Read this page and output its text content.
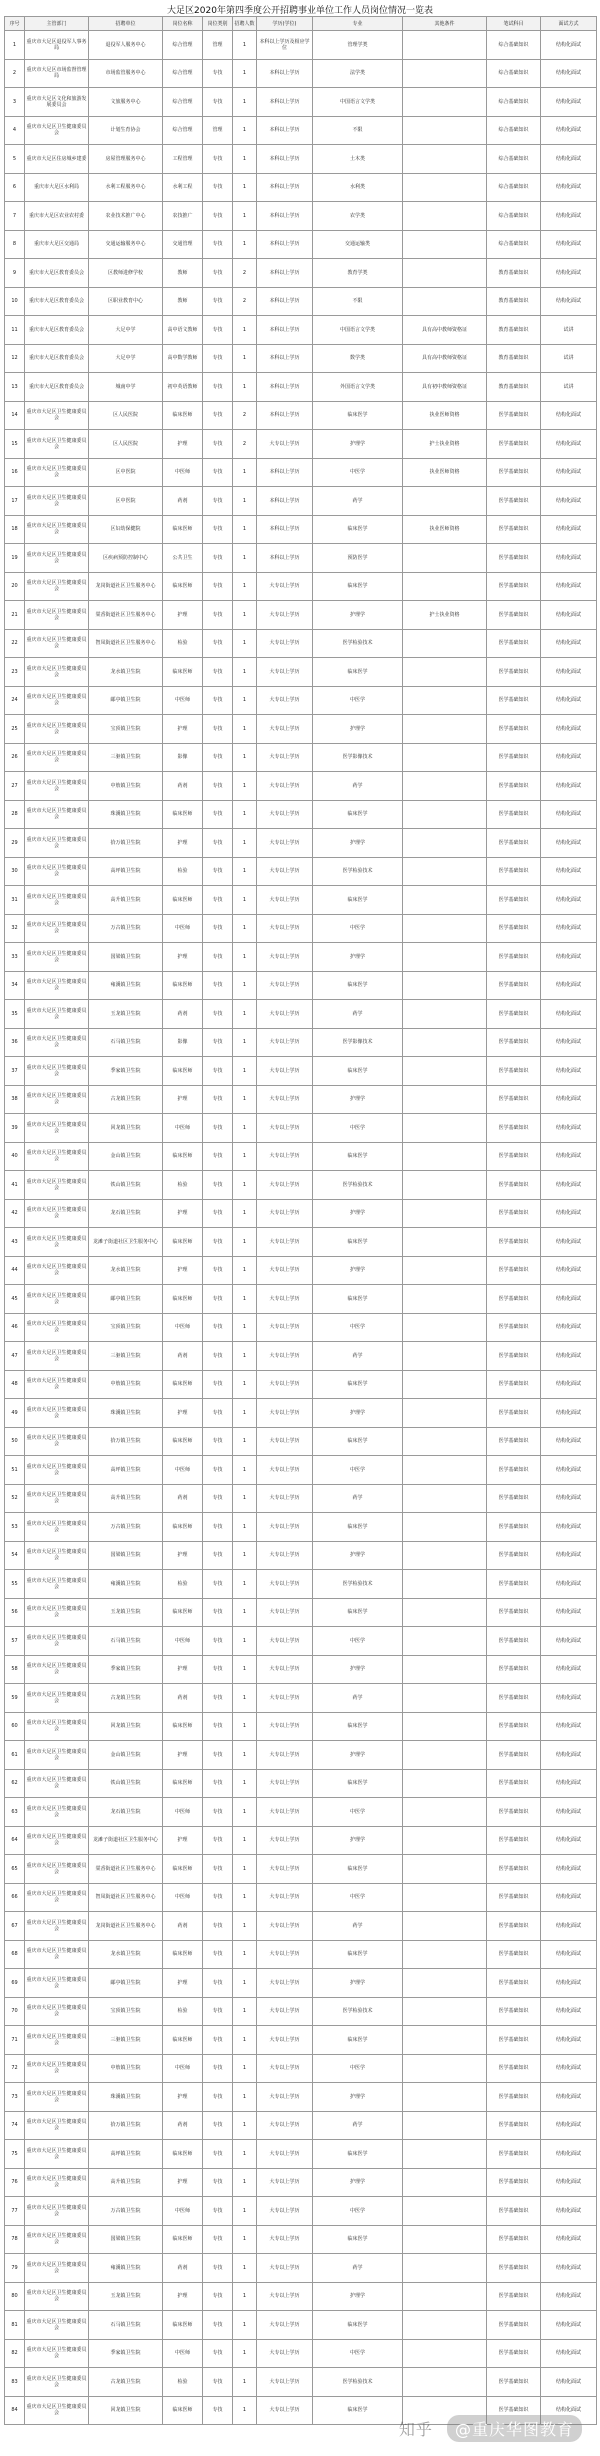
大足区2020年第四季度公开招聘事业单位工作人员岗位情况一览表
序号	主管部门	招聘单位	岗位名称	岗位类别	招聘人数	学历(学位)	专业	其他条件	笔试科目	面试方式
1	重庆市大足区退役军人事务局	退役军人服务中心	综合管理	管理	1	本科以上学历及相应学位	管理学类		综合基础知识	结构化面试
2	重庆市大足区市场监督管理局	市场监管服务中心	综合管理	专技	1	本科以上学历	法学类		综合基础知识	结构化面试
3	重庆市大足区文化和旅游发展委员会	文旅服务中心	综合管理	专技	1	本科以上学历	中国语言文学类		综合基础知识	结构化面试
4	重庆市大足区卫生健康委员会	计划生育协会	综合管理	管理	1	本科以上学历	不限		综合基础知识	结构化面试
5	重庆市大足区住房城乡建委	房屋管理服务中心	工程管理	专技	1	本科以上学历	土木类		综合基础知识	结构化面试
6	重庆市大足区水利局	水利工程服务中心	水利工程	专技	1	本科以上学历	水利类		综合基础知识	结构化面试
7	重庆市大足区农业农村委	农业技术推广中心	农技推广	专技	1	本科以上学历	农学类		综合基础知识	结构化面试
8	重庆市大足区交通局	交通运输服务中心	交通管理	专技	1	本科以上学历	交通运输类		综合基础知识	结构化面试
9	重庆市大足区教育委员会	区教师进修学校	教师	专技	2	本科以上学历	教育学类		教育基础知识	结构化面试
10	重庆市大足区教育委员会	区职业教育中心	教师	专技	2	本科以上学历	不限		教育基础知识	结构化面试
11	重庆市大足区教育委员会	大足中学	高中语文教师	专技	1	本科以上学历	中国语言文学类	具有高中教师资格证	教育基础知识	试讲
12	重庆市大足区教育委员会	大足中学	高中数学教师	专技	1	本科以上学历	数学类	具有高中教师资格证	教育基础知识	试讲
13	重庆市大足区教育委员会	城南中学	初中英语教师	专技	1	本科以上学历	外国语言文学类	具有初中教师资格证	教育基础知识	试讲
14	重庆市大足区卫生健康委员会	区人民医院	临床医师	专技	2	本科以上学历	临床医学	执业医师资格	医学基础知识	结构化面试
15	重庆市大足区卫生健康委员会	区人民医院	护理	专技	2	大专以上学历	护理学	护士执业资格	医学基础知识	结构化面试
16	重庆市大足区卫生健康委员会	区中医院	中医师	专技	1	本科以上学历	中医学	执业医师资格	医学基础知识	结构化面试
17	重庆市大足区卫生健康委员会	区中医院	药剂	专技	1	本科以上学历	药学		医学基础知识	结构化面试
18	重庆市大足区卫生健康委员会	区妇幼保健院	临床医师	专技	1	本科以上学历	临床医学	执业医师资格	医学基础知识	结构化面试
19	重庆市大足区卫生健康委员会	区疾病预防控制中心	公共卫生	专技	1	本科以上学历	预防医学		医学基础知识	结构化面试
20	重庆市大足区卫生健康委员会	龙岗街道社区卫生服务中心	临床医师	专技	1	大专以上学历	临床医学		医学基础知识	结构化面试
21	重庆市大足区卫生健康委员会	棠香街道社区卫生服务中心	护理	专技	1	大专以上学历	护理学	护士执业资格	医学基础知识	结构化面试
22	重庆市大足区卫生健康委员会	智凤街道社区卫生服务中心	检验	专技	1	大专以上学历	医学检验技术		医学基础知识	结构化面试
23	重庆市大足区卫生健康委员会	龙水镇卫生院	临床医师	专技	1	大专以上学历	临床医学		医学基础知识	结构化面试
24	重庆市大足区卫生健康委员会	邮亭镇卫生院	中医师	专技	1	大专以上学历	中医学		医学基础知识	结构化面试
25	重庆市大足区卫生健康委员会	宝顶镇卫生院	护理	专技	1	大专以上学历	护理学		医学基础知识	结构化面试
26	重庆市大足区卫生健康委员会	三驱镇卫生院	影像	专技	1	大专以上学历	医学影像技术		医学基础知识	结构化面试
27	重庆市大足区卫生健康委员会	中敖镇卫生院	药剂	专技	1	大专以上学历	药学		医学基础知识	结构化面试
28	重庆市大足区卫生健康委员会	珠溪镇卫生院	临床医师	专技	1	大专以上学历	临床医学		医学基础知识	结构化面试
29	重庆市大足区卫生健康委员会	拾万镇卫生院	护理	专技	1	大专以上学历	护理学		医学基础知识	结构化面试
30	重庆市大足区卫生健康委员会	高坪镇卫生院	检验	专技	1	大专以上学历	医学检验技术		医学基础知识	结构化面试
31	重庆市大足区卫生健康委员会	高升镇卫生院	临床医师	专技	1	大专以上学历	临床医学		医学基础知识	结构化面试
32	重庆市大足区卫生健康委员会	万古镇卫生院	中医师	专技	1	大专以上学历	中医学		医学基础知识	结构化面试
33	重庆市大足区卫生健康委员会	国梁镇卫生院	护理	专技	1	大专以上学历	护理学		医学基础知识	结构化面试
34	重庆市大足区卫生健康委员会	雍溪镇卫生院	临床医师	专技	1	大专以上学历	临床医学		医学基础知识	结构化面试
35	重庆市大足区卫生健康委员会	玉龙镇卫生院	药剂	专技	1	大专以上学历	药学		医学基础知识	结构化面试
36	重庆市大足区卫生健康委员会	石马镇卫生院	影像	专技	1	大专以上学历	医学影像技术		医学基础知识	结构化面试
37	重庆市大足区卫生健康委员会	季家镇卫生院	临床医师	专技	1	大专以上学历	临床医学		医学基础知识	结构化面试
38	重庆市大足区卫生健康委员会	古龙镇卫生院	护理	专技	1	大专以上学历	护理学		医学基础知识	结构化面试
39	重庆市大足区卫生健康委员会	回龙镇卫生院	中医师	专技	1	大专以上学历	中医学		医学基础知识	结构化面试
40	重庆市大足区卫生健康委员会	金山镇卫生院	临床医师	专技	1	大专以上学历	临床医学		医学基础知识	结构化面试
41	重庆市大足区卫生健康委员会	铁山镇卫生院	检验	专技	1	大专以上学历	医学检验技术		医学基础知识	结构化面试
42	重庆市大足区卫生健康委员会	龙石镇卫生院	护理	专技	1	大专以上学历	护理学		医学基础知识	结构化面试
43	重庆市大足区卫生健康委员会	龙滩子街道社区卫生服务中心	临床医师	专技	1	大专以上学历	临床医学		医学基础知识	结构化面试
44	重庆市大足区卫生健康委员会	龙水镇卫生院	护理	专技	1	大专以上学历	护理学		医学基础知识	结构化面试
45	重庆市大足区卫生健康委员会	邮亭镇卫生院	临床医师	专技	1	大专以上学历	临床医学		医学基础知识	结构化面试
46	重庆市大足区卫生健康委员会	宝顶镇卫生院	中医师	专技	1	大专以上学历	中医学		医学基础知识	结构化面试
47	重庆市大足区卫生健康委员会	三驱镇卫生院	药剂	专技	1	大专以上学历	药学		医学基础知识	结构化面试
48	重庆市大足区卫生健康委员会	中敖镇卫生院	临床医师	专技	1	大专以上学历	临床医学		医学基础知识	结构化面试
49	重庆市大足区卫生健康委员会	珠溪镇卫生院	护理	专技	1	大专以上学历	护理学		医学基础知识	结构化面试
50	重庆市大足区卫生健康委员会	拾万镇卫生院	临床医师	专技	1	大专以上学历	临床医学		医学基础知识	结构化面试
51	重庆市大足区卫生健康委员会	高坪镇卫生院	中医师	专技	1	大专以上学历	中医学		医学基础知识	结构化面试
52	重庆市大足区卫生健康委员会	高升镇卫生院	药剂	专技	1	大专以上学历	药学		医学基础知识	结构化面试
53	重庆市大足区卫生健康委员会	万古镇卫生院	临床医师	专技	1	大专以上学历	临床医学		医学基础知识	结构化面试
54	重庆市大足区卫生健康委员会	国梁镇卫生院	护理	专技	1	大专以上学历	护理学		医学基础知识	结构化面试
55	重庆市大足区卫生健康委员会	雍溪镇卫生院	检验	专技	1	大专以上学历	医学检验技术		医学基础知识	结构化面试
56	重庆市大足区卫生健康委员会	玉龙镇卫生院	临床医师	专技	1	大专以上学历	临床医学		医学基础知识	结构化面试
57	重庆市大足区卫生健康委员会	石马镇卫生院	中医师	专技	1	大专以上学历	中医学		医学基础知识	结构化面试
58	重庆市大足区卫生健康委员会	季家镇卫生院	护理	专技	1	大专以上学历	护理学		医学基础知识	结构化面试
59	重庆市大足区卫生健康委员会	古龙镇卫生院	药剂	专技	1	大专以上学历	药学		医学基础知识	结构化面试
60	重庆市大足区卫生健康委员会	回龙镇卫生院	临床医师	专技	1	大专以上学历	临床医学		医学基础知识	结构化面试
61	重庆市大足区卫生健康委员会	金山镇卫生院	护理	专技	1	大专以上学历	护理学		医学基础知识	结构化面试
62	重庆市大足区卫生健康委员会	铁山镇卫生院	临床医师	专技	1	大专以上学历	临床医学		医学基础知识	结构化面试
63	重庆市大足区卫生健康委员会	龙石镇卫生院	中医师	专技	1	大专以上学历	中医学		医学基础知识	结构化面试
64	重庆市大足区卫生健康委员会	龙滩子街道社区卫生服务中心	护理	专技	1	大专以上学历	护理学		医学基础知识	结构化面试
65	重庆市大足区卫生健康委员会	棠香街道社区卫生服务中心	临床医师	专技	1	大专以上学历	临床医学		医学基础知识	结构化面试
66	重庆市大足区卫生健康委员会	智凤街道社区卫生服务中心	中医师	专技	1	大专以上学历	中医学		医学基础知识	结构化面试
67	重庆市大足区卫生健康委员会	龙岗街道社区卫生服务中心	药剂	专技	1	大专以上学历	药学		医学基础知识	结构化面试
68	重庆市大足区卫生健康委员会	龙水镇卫生院	临床医师	专技	1	大专以上学历	临床医学		医学基础知识	结构化面试
69	重庆市大足区卫生健康委员会	邮亭镇卫生院	护理	专技	1	大专以上学历	护理学		医学基础知识	结构化面试
70	重庆市大足区卫生健康委员会	宝顶镇卫生院	检验	专技	1	大专以上学历	医学检验技术		医学基础知识	结构化面试
71	重庆市大足区卫生健康委员会	三驱镇卫生院	临床医师	专技	1	大专以上学历	临床医学		医学基础知识	结构化面试
72	重庆市大足区卫生健康委员会	中敖镇卫生院	中医师	专技	1	大专以上学历	中医学		医学基础知识	结构化面试
73	重庆市大足区卫生健康委员会	珠溪镇卫生院	护理	专技	1	大专以上学历	护理学		医学基础知识	结构化面试
74	重庆市大足区卫生健康委员会	拾万镇卫生院	药剂	专技	1	大专以上学历	药学		医学基础知识	结构化面试
75	重庆市大足区卫生健康委员会	高坪镇卫生院	临床医师	专技	1	大专以上学历	临床医学		医学基础知识	结构化面试
76	重庆市大足区卫生健康委员会	高升镇卫生院	护理	专技	1	大专以上学历	护理学		医学基础知识	结构化面试
77	重庆市大足区卫生健康委员会	万古镇卫生院	中医师	专技	1	大专以上学历	中医学		医学基础知识	结构化面试
78	重庆市大足区卫生健康委员会	国梁镇卫生院	临床医师	专技	1	大专以上学历	临床医学		医学基础知识	结构化面试
79	重庆市大足区卫生健康委员会	雍溪镇卫生院	药剂	专技	1	大专以上学历	药学		医学基础知识	结构化面试
80	重庆市大足区卫生健康委员会	玉龙镇卫生院	护理	专技	1	大专以上学历	护理学		医学基础知识	结构化面试
81	重庆市大足区卫生健康委员会	石马镇卫生院	临床医师	专技	1	大专以上学历	临床医学		医学基础知识	结构化面试
82	重庆市大足区卫生健康委员会	季家镇卫生院	中医师	专技	1	大专以上学历	中医学		医学基础知识	结构化面试
83	重庆市大足区卫生健康委员会	古龙镇卫生院	检验	专技	1	大专以上学历	医学检验技术		医学基础知识	结构化面试
84	重庆市大足区卫生健康委员会	回龙镇卫生院	临床医师	专技	1	大专以上学历	临床医学		医学基础知识	结构化面试
知乎 @重庆华图教育
